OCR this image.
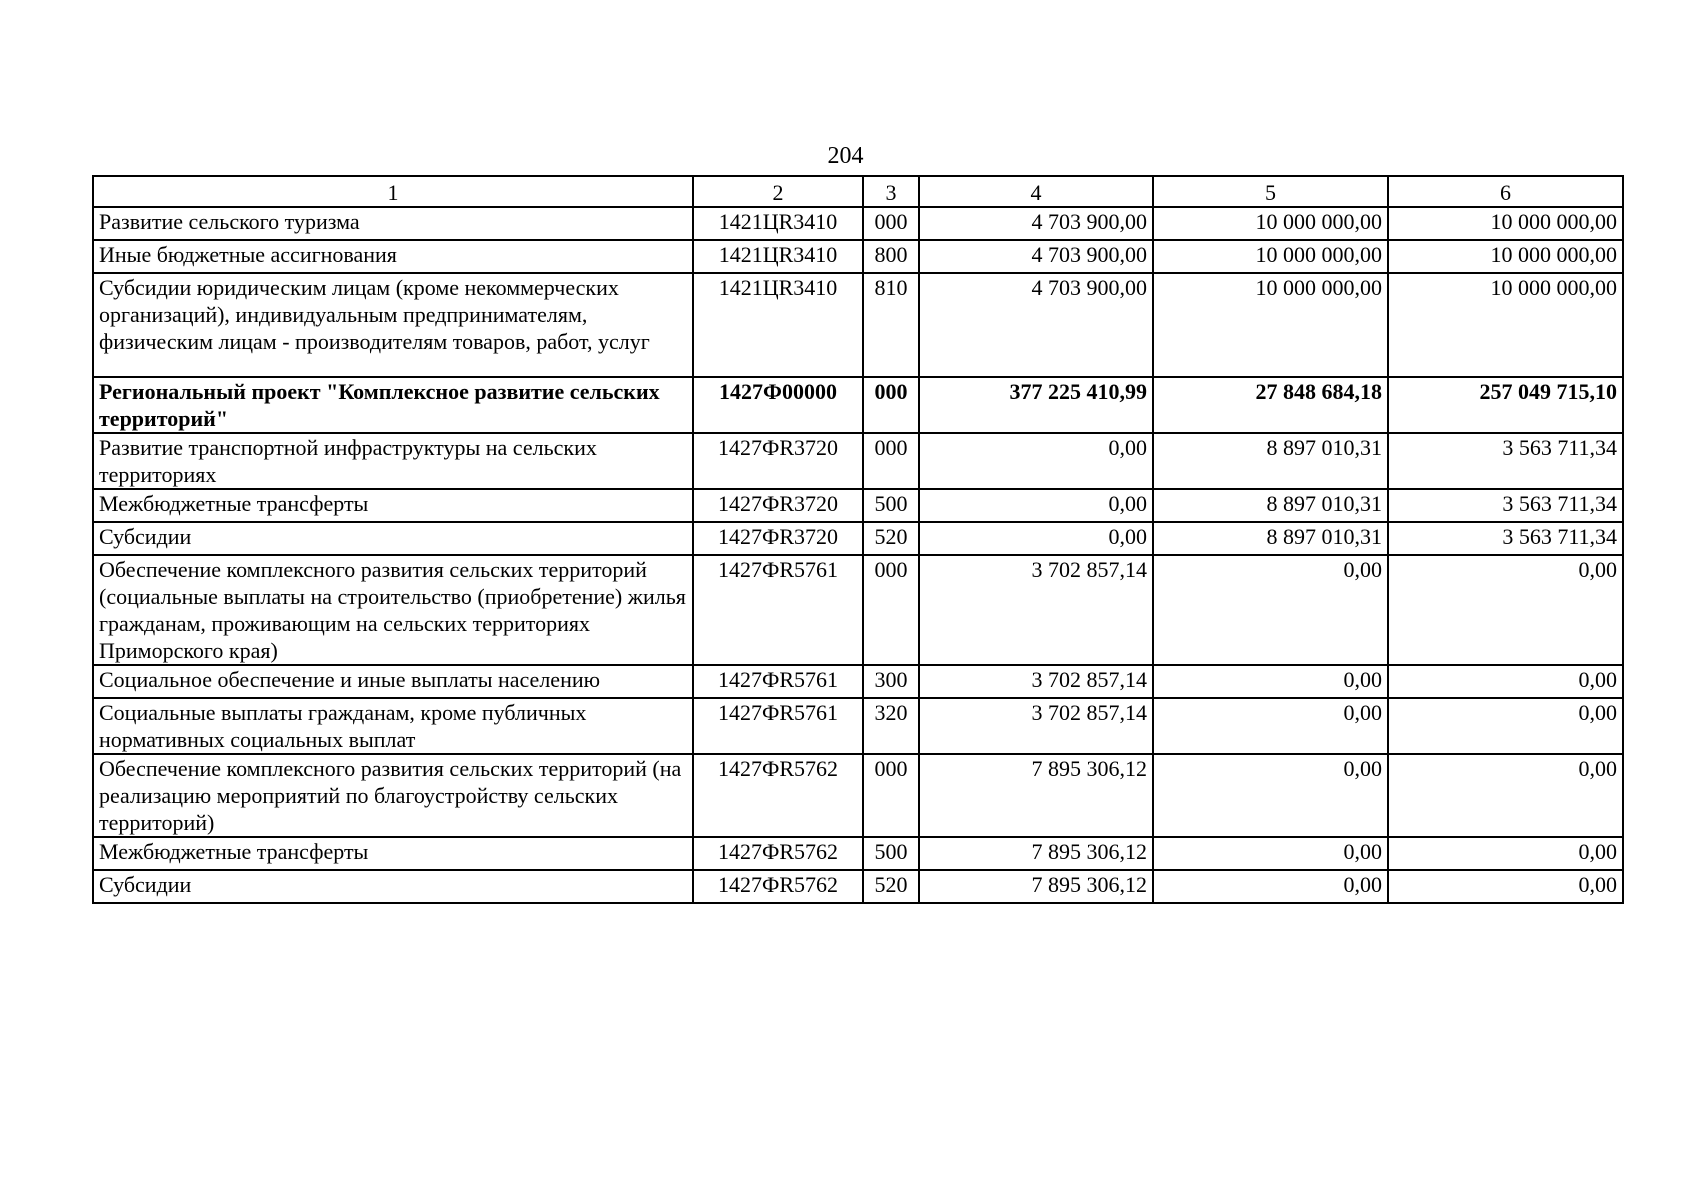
204
1	2	3	4	5	6
Развитие сельского туризма	1421ЦR3410	000	4 703 900,00	10 000 000,00	10 000 000,00
Иные бюджетные ассигнования	1421ЦR3410	800	4 703 900,00	10 000 000,00	10 000 000,00
Субсидии юридическим лицам (кроме некоммерческих организаций), индивидуальным предпринимателям, физическим лицам - производителям товаров, работ, услуг	1421ЦR3410	810	4 703 900,00	10 000 000,00	10 000 000,00
Региональный проект "Комплексное развитие сельских территорий"	1427Ф00000	000	377 225 410,99	27 848 684,18	257 049 715,10
Развитие транспортной инфраструктуры на сельских территориях	1427ФR3720	000	0,00	8 897 010,31	3 563 711,34
Межбюджетные трансферты	1427ФR3720	500	0,00	8 897 010,31	3 563 711,34
Субсидии	1427ФR3720	520	0,00	8 897 010,31	3 563 711,34
Обеспечение комплексного развития сельских территорий (социальные выплаты на строительство (приобретение) жилья гражданам, проживающим на сельских территориях Приморского края)	1427ФR5761	000	3 702 857,14	0,00	0,00
Социальное обеспечение и иные выплаты населению	1427ФR5761	300	3 702 857,14	0,00	0,00
Социальные выплаты гражданам, кроме публичных нормативных социальных выплат	1427ФR5761	320	3 702 857,14	0,00	0,00
Обеспечение комплексного развития сельских территорий (на реализацию мероприятий по благоустройству сельских территорий)	1427ФR5762	000	7 895 306,12	0,00	0,00
Межбюджетные трансферты	1427ФR5762	500	7 895 306,12	0,00	0,00
Субсидии	1427ФR5762	520	7 895 306,12	0,00	0,00
